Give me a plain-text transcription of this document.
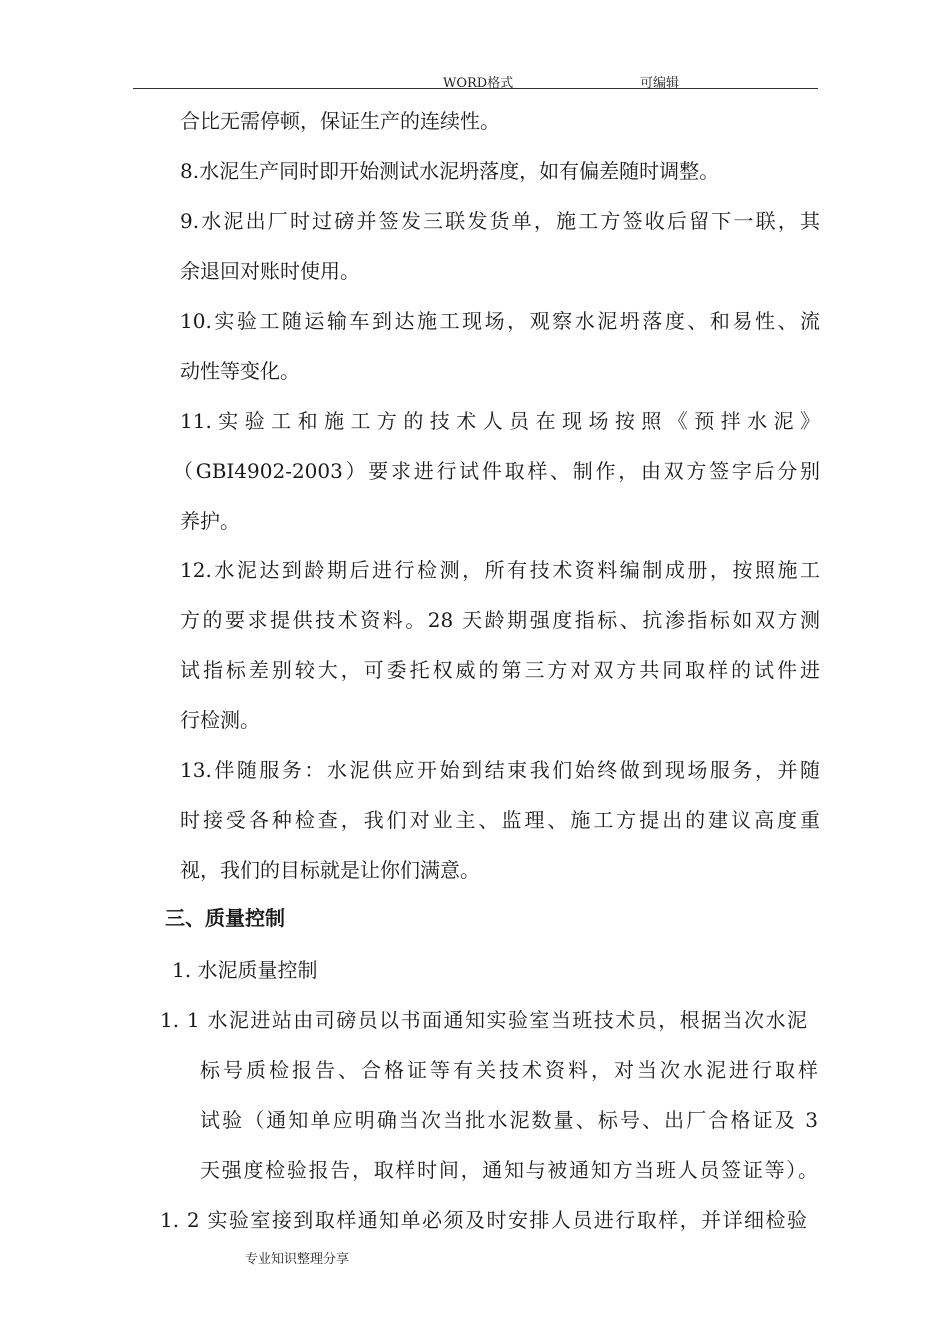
WORD格式	可编辑
合比无需停顿，保证生产的连续性。
8.水泥生产同时即开始测试水泥坍落度，如有偏差随时调整。
9.水泥出厂时过磅并签发三联发货单，施工方签收后留下一联，其
余退回对账时使用。
10.实验工随运输车到达施工现场，观察水泥坍落度、和易性、流
动性等变化。
11.实验工和施工方的技术人员在现场按照《预拌水泥》
（GBI4902-2003）要求进行试件取样、制作，由双方签字后分别
养护。
12.水泥达到龄期后进行检测，所有技术资料编制成册，按照施工
方的要求提供技术资料。28 天龄期强度指标、抗渗指标如双方测
试指标差别较大，可委托权威的第三方对双方共同取样的试件进
行检测。
13.伴随服务：水泥供应开始到结束我们始终做到现场服务，并随
时接受各种检查，我们对业主、监理、施工方提出的建议高度重
视，我们的目标就是让你们满意。
三、质量控制
1. 水泥质量控制
1. 1 水泥进站由司磅员以书面通知实验室当班技术员，根据当次水泥
标号质检报告、合格证等有关技术资料，对当次水泥进行取样
试验（通知单应明确当次当批水泥数量、标号、出厂合格证及 3
天强度检验报告，取样时间，通知与被通知方当班人员签证等）。
1. 2 实验室接到取样通知单必须及时安排人员进行取样，并详细检验
专业知识整理分享
